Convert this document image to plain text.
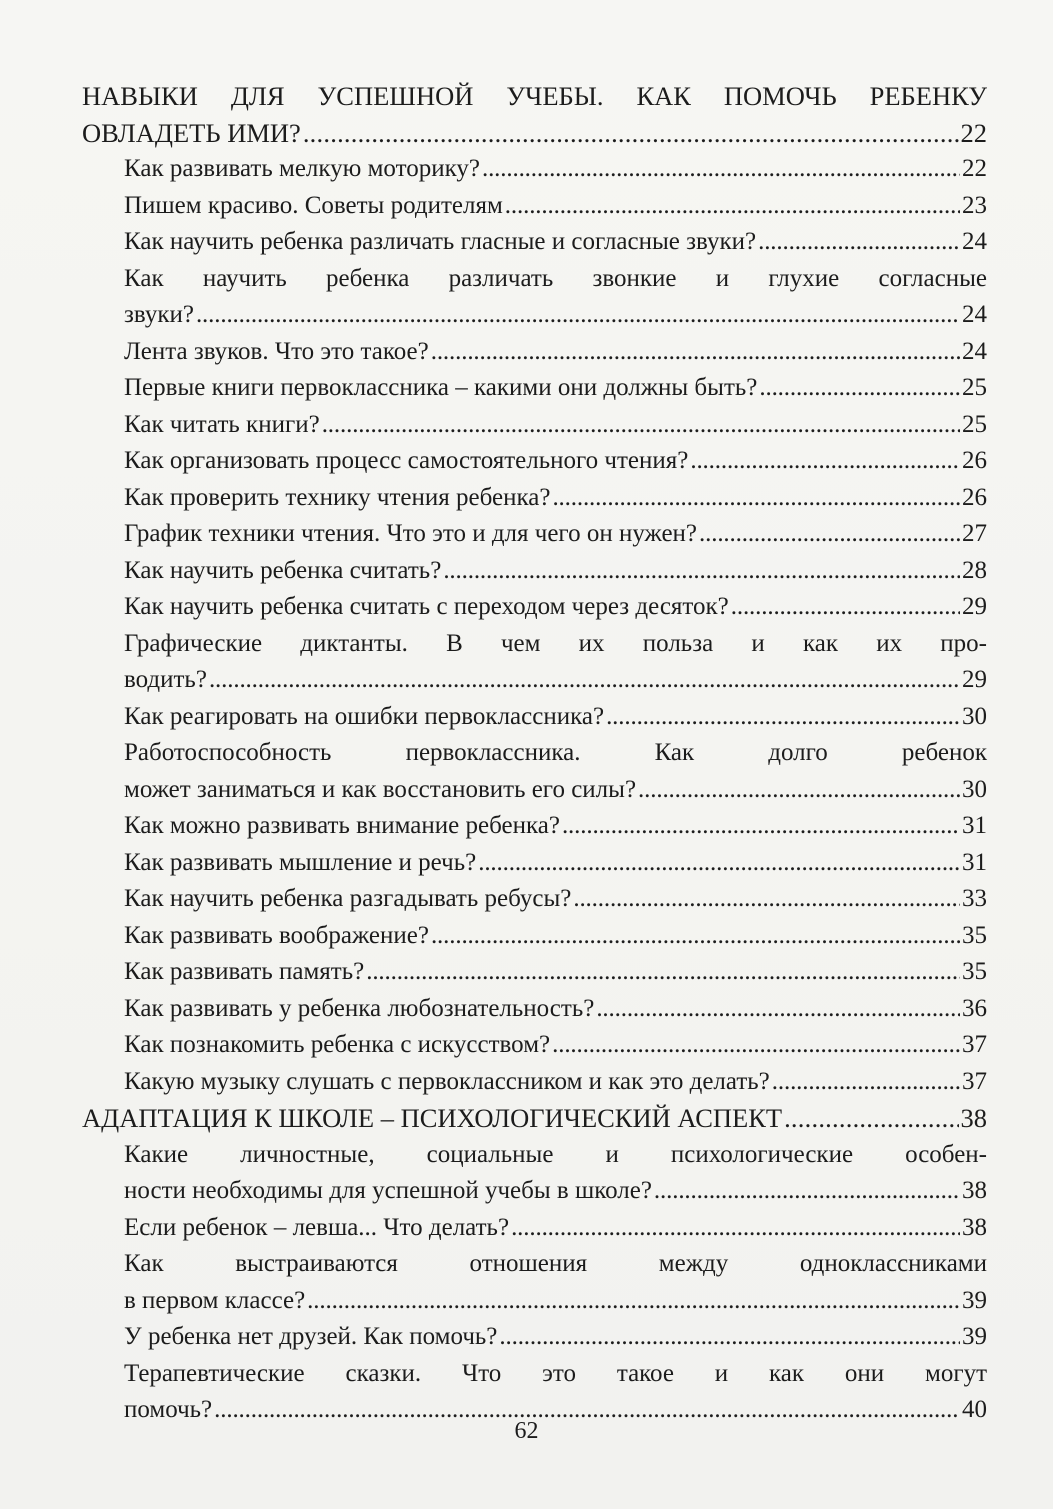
НАВЫКИ ДЛЯ УСПЕШНОЙ УЧЕБЫ. КАК ПОМОЧЬ РЕБЕНКУ
ОВЛАДЕТЬ ИМИ? . . .	22
Как развивать мелкую моторику? . . .	22
Пишем красиво. Советы родителям . . .	23
Как научить ребенка различать гласные и согласные звуки? . . .	24
Как научить ребенка различать звонкие и глухие согласные
звуки? . . .	24
Лента звуков. Что это такое? . . .	24
Первые книги первоклассника – какими они должны быть? . . .	25
Как читать книги? . . .	25
Как организовать процесс самостоятельного чтения? . . .	26
Как проверить технику чтения ребенка? . . .	26
График техники чтения. Что это и для чего он нужен? . . .	27
Как научить ребенка считать? . . .	28
Как научить ребенка считать с переходом через десяток? . . .	29
Графические диктанты. В чем их польза и как их про-
водить? . . .	29
Как реагировать на ошибки первоклассника? . . .	30
Работоспособность первоклассника. Как долго ребенок
может заниматься и как восстановить его силы? . . .	30
Как можно развивать внимание ребенка? . . .	31
Как развивать мышление и речь? . . .	31
Как научить ребенка разгадывать ребусы? . . .	33
Как развивать воображение? . . .	35
Как развивать память? . . .	35
Как развивать у ребенка любознательность? . . .	36
Как познакомить ребенка с искусством? . . .	37
Какую музыку слушать с первоклассником и как это делать? . . .	37
АДАПТАЦИЯ К ШКОЛЕ – ПСИХОЛОГИЧЕСКИЙ АСПЕКТ . . .	38
Какие личностные, социальные и психологические особен-
ности необходимы для успешной учебы в школе? . . .	38
Если ребенок – левша... Что делать? . . .	38
Как выстраиваются отношения между одноклассниками
в первом классе? . . .	39
У ребенка нет друзей. Как помочь? . . .	39
Терапевтические сказки. Что это такое и как они могут
помочь? . . .	40
62
